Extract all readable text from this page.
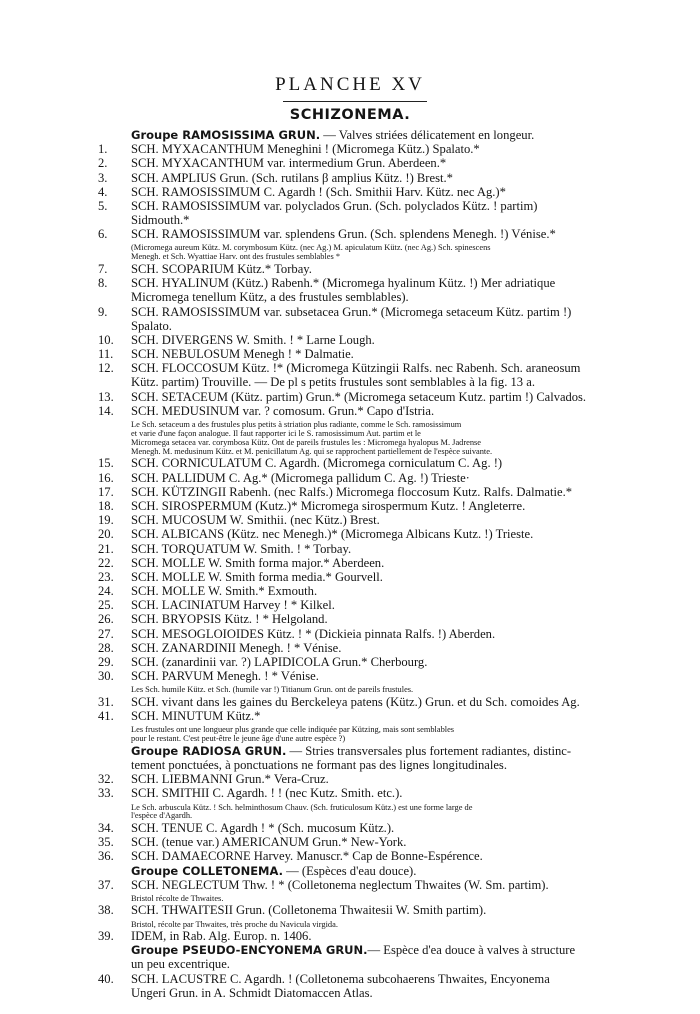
PLANCHE XV
SCHIZONEMA.
Groupe RAMOSISSIMA GRUN. — Valves striées délicatement en longeur.
1.	SCH. MYXACANTHUM Meneghini ! (Micromega Kütz.) Spalato.*
2.	SCH. MYXACANTHUM var. intermedium Grun. Aberdeen.*
3.	SCH. AMPLIUS Grun. (Sch. rutilans β amplius Kütz. !) Brest.*
4.	SCH. RAMOSISSIMUM C. Agardh ! (Sch. Smithii Harv. Kütz. nec Ag.)*
5.	SCH. RAMOSISSIMUM var. polyclados Grun. (Sch. polyclados Kütz. ! partim)
Sidmouth.*
6.	SCH. RAMOSISSIMUM var. splendens Grun. (Sch. splendens Menegh. !) Vénise.*
(Micromega aureum Kütz. M. corymbosum Kütz. (nec Ag.) M. apiculatum Kütz. (nec Ag.) Sch. spinescens
Menegh. et Sch. Wyattiae Harv. ont des frustules semblables *
7.	SCH. SCOPARIUM Kütz.* Torbay.
8.	SCH. HYALINUM (Kütz.) Rabenh.* (Micromega hyalinum Kütz. !) Mer adriatique
Micromega tenellum Kütz, a des frustules semblables).
9.	SCH. RAMOSISSIMUM var. subsetacea Grun.* (Micromega setaceum Kütz. partim !)
Spalato.
10.	SCH. DIVERGENS W. Smith. ! * Larne Lough.
11.	SCH. NEBULOSUM Menegh ! * Dalmatie.
12.	SCH. FLOCCOSUM Kütz. !* (Micromega Kützingii Ralfs. nec Rabenh. Sch. araneosum
Kütz. partim) Trouville. — De pl s petits frustules sont semblables à la fig. 13 a.
13.	SCH. SETACEUM (Kütz. partim) Grun.* (Micromega setaceum Kutz. partim !) Calvados.
14.	SCH. MEDUSINUM var. ? comosum. Grun.* Capo d'Istria.
Le Sch. setaceum a des frustules plus petits à striation plus radiante, comme le Sch. ramosissimum
et varie d'une façon analogue. Il faut rapporter ici le S. ramosissimum Aut. partim et le
Micromega setacea var. corymbosa Kütz. Ont de pareils frustules les : Micromega hyalopus M. Jadrense
Menegh. M. medusinum Kütz. et M. penicillatum Ag. qui se rapprochent partiellement de l'espèce suivante.
15.	SCH. CORNICULATUM C. Agardh. (Micromega corniculatum C. Ag. !)
16.	SCH. PALLIDUM C. Ag.* (Micromega pallidum C. Ag. !) Trieste·
17.	SCH. KÜTZINGII Rabenh. (nec Ralfs.) Micromega floccosum Kutz. Ralfs. Dalmatie.*
18.	SCH. SIROSPERMUM (Kutz.)* Micromega sirospermum Kutz. ! Angleterre.
19.	SCH. MUCOSUM W. Smithii. (nec Kütz.) Brest.
20.	SCH. ALBICANS (Kütz. nec Menegh.)* (Micromega Albicans Kutz. !) Trieste.
21.	SCH. TORQUATUM W. Smith. ! * Torbay.
22.	SCH. MOLLE W. Smith forma major.* Aberdeen.
23.	SCH. MOLLE W. Smith forma media.* Gourvell.
24.	SCH. MOLLE W. Smith.* Exmouth.
25.	SCH. LACINIATUM Harvey ! * Kilkel.
26.	SCH. BRYOPSIS Kütz. ! * Helgoland.
27.	SCH. MESOGLOIOIDES Kütz. ! * (Dickieia pinnata Ralfs. !) Aberden.
28.	SCH. ZANARDINII Menegh. ! * Vénise.
29.	SCH. (zanardinii var. ?) LAPIDICOLA Grun.* Cherbourg.
30.	SCH. PARVUM Menegh. ! * Vénise.
Les Sch. humile Kütz. et Sch. (humile var !) Titianum Grun. ont de pareils frustules.
31.	SCH. vivant dans les gaines du Berckeleya patens (Kütz.) Grun. et du Sch. comoides Ag.
41.	SCH. MINUTUM Kütz.*
Les frustules ont une longueur plus grande que celle indiquée par Kützing, mais sont semblables
pour le restant. C'est peut-être le jeune âge d'une autre espèce ?)
Groupe RADIOSA GRUN. — Stries transversales plus fortement radiantes, distinc-
tement ponctuées, à ponctuations ne formant pas des lignes longitudinales.
32.	SCH. LIEBMANNI Grun.* Vera-Cruz.
33.	SCH. SMITHII C. Agardh. ! ! (nec Kutz. Smith. etc.).
Le Sch. arbuscula Kütz. ! Sch. helminthosum Chauv. (Sch. fruticulosum Kütz.) est une forme large de
l'espèce d'Agardh.
34.	SCH. TENUE C. Agardh ! * (Sch. mucosum Kütz.).
35.	SCH. (tenue var.) AMERICANUM Grun.* New-York.
36.	SCH. DAMAECORNE Harvey. Manuscr.* Cap de Bonne-Espérence.
Groupe COLLETONEMA. — (Espèces d'eau douce).
37.	SCH. NEGLECTUM Thw. ! * (Colletonema neglectum Thwaites (W. Sm. partim).
Bristol récolte de Thwaites.
38.	SCH. THWAITESII Grun. (Colletonema Thwaitesii W. Smith partim).
Bristol, récolte par Thwaites, très proche du Navicula virgida.
39.	IDEM, in Rab. Alg. Europ. n. 1406.
Groupe PSEUDO-ENCYONEMA GRUN.— Espèce d'ea douce à valves à structure
un peu excentrique.
40.	SCH. LACUSTRE C. Agardh. ! (Colletonema subcohaerens Thwaites, Encyonema
Ungeri Grun. in A. Schmidt Diatomaccen Atlas.
